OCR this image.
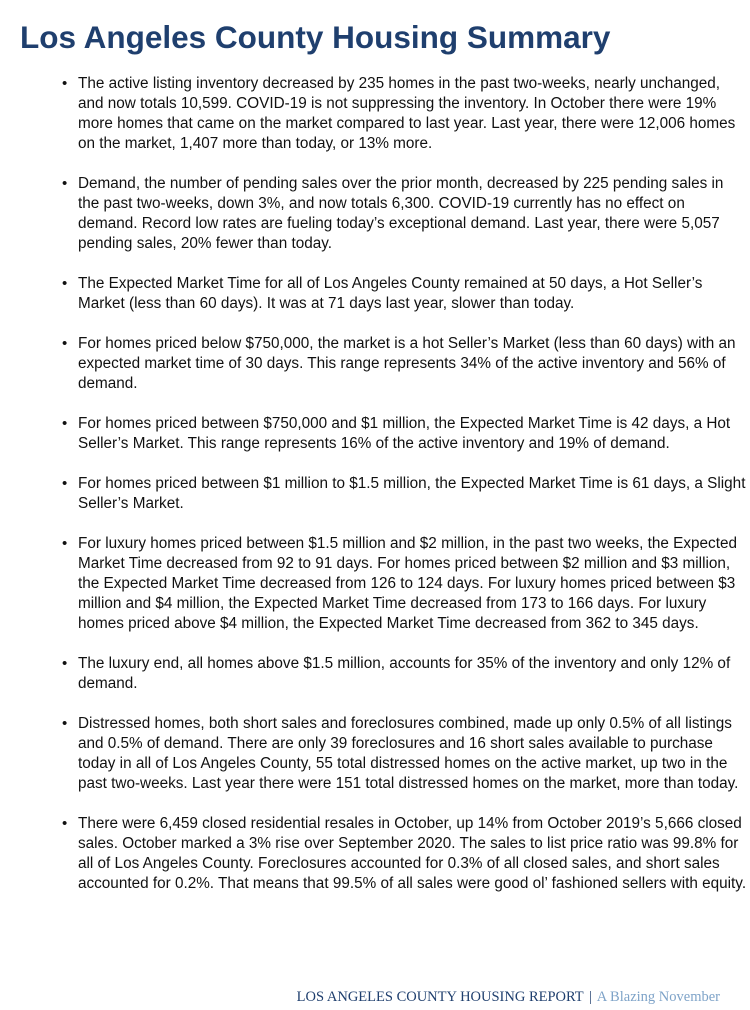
Los Angeles County Housing Summary
• The active listing inventory decreased by 235 homes in the past two-weeks, nearly unchanged, and now totals 10,599. COVID-19 is not suppressing the inventory. In October there were 19% more homes that came on the market compared to last year. Last year, there were 12,006 homes on the market, 1,407 more than today, or 13% more.
• Demand, the number of pending sales over the prior month, decreased by 225 pending sales in the past two-weeks, down 3%, and now totals 6,300. COVID-19 currently has no effect on demand. Record low rates are fueling today’s exceptional demand. Last year, there were 5,057 pending sales, 20% fewer than today.
• The Expected Market Time for all of Los Angeles County remained at 50 days, a Hot Seller’s Market (less than 60 days). It was at 71 days last year, slower than today.
• For homes priced below $750,000, the market is a hot Seller’s Market (less than 60 days) with an expected market time of 30 days. This range represents 34% of the active inventory and 56% of demand.
• For homes priced between $750,000 and $1 million, the Expected Market Time is 42 days, a Hot Seller’s Market. This range represents 16% of the active inventory and 19% of demand.
• For homes priced between $1 million to $1.5 million, the Expected Market Time is 61 days, a Slight Seller’s Market.
• For luxury homes priced between $1.5 million and $2 million, in the past two weeks, the Expected Market Time decreased from 92 to 91 days. For homes priced between $2 million and $3 million, the Expected Market Time decreased from 126 to 124 days. For luxury homes priced between $3 million and $4 million, the Expected Market Time decreased from 173 to 166 days. For luxury homes priced above $4 million, the Expected Market Time decreased from 362 to 345 days.
• The luxury end, all homes above $1.5 million, accounts for 35% of the inventory and only 12% of demand.
• Distressed homes, both short sales and foreclosures combined, made up only 0.5% of all listings and 0.5% of demand. There are only 39 foreclosures and 16 short sales available to purchase today in all of Los Angeles County, 55 total distressed homes on the active market, up two in the past two-weeks. Last year there were 151 total distressed homes on the market, more than today.
• There were 6,459 closed residential resales in October, up 14% from October 2019’s 5,666 closed sales. October marked a 3% rise over September 2020. The sales to list price ratio was 99.8% for all of Los Angeles County. Foreclosures accounted for 0.3% of all closed sales, and short sales accounted for 0.2%. That means that 99.5% of all sales were good ol’ fashioned sellers with equity.
LOS ANGELES COUNTY HOUSING REPORT | A Blazing November
